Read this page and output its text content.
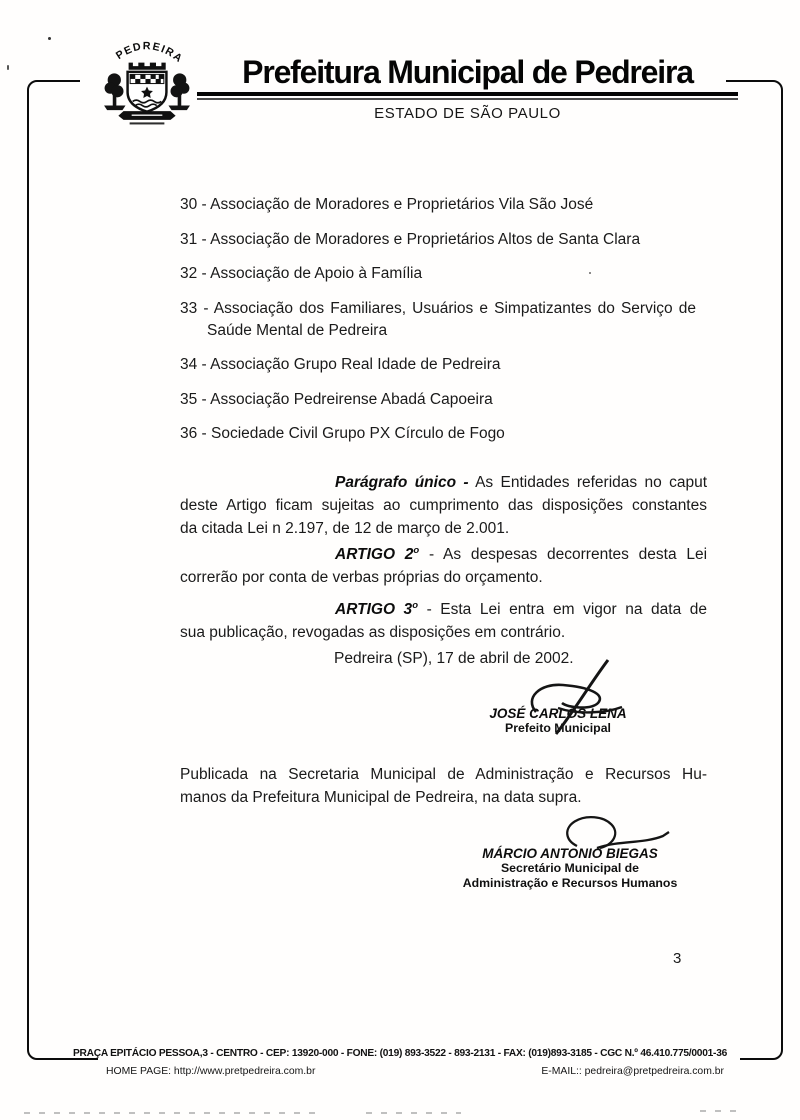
PEDREIRA	Prefeitura Municipal de Pedreira
ESTADO DE SÃO PAULO
30 - Associação de Moradores e Proprietários Vila São José
31 - Associação de Moradores e Proprietários Altos de Santa Clara
32 - Associação de Apoio à Família
33 - Associação dos Familiares, Usuários e Simpatizantes do Serviço de Saúde Mental de Pedreira
34 - Associação Grupo Real Idade de Pedreira
35 - Associação Pedreirense Abadá Capoeira
36 - Sociedade Civil Grupo PX Círculo de Fogo
Parágrafo único - As Entidades referidas no caput
deste Artigo ficam sujeitas ao cumprimento das disposições constantes
da citada Lei n 2.197, de 12 de março de 2.001.
ARTIGO 2$^o$ - As despesas decorrentes desta Lei
correrão por conta de verbas próprias do orçamento.
ARTIGO 3$^o$ - Esta Lei entra em vigor na data de
sua publicação, revogadas as disposições em contrário.
Pedreira (SP), 17 de abril de 2002.
JOSÉ CARLOS LENA
Prefeito Municipal
Publicada na Secretaria Municipal de Administração e Recursos Hu-
manos da Prefeitura Municipal de Pedreira, na data supra.
MÁRCIO ANTONIO BIEGAS
Secretário Municipal de
Administração e Recursos Humanos
3
PRAÇA EPITÁCIO PESSOA,3 - CENTRO - CEP: 13920-000 - FONE: (019) 893-3522 - 893-2131 - FAX: (019)893-3185 - CGC N.º 46.410.775/0001-36
HOME PAGE: http://www.pretpedreira.com.br	E-MAIL:: pedreira@pretpedreira.com.br
